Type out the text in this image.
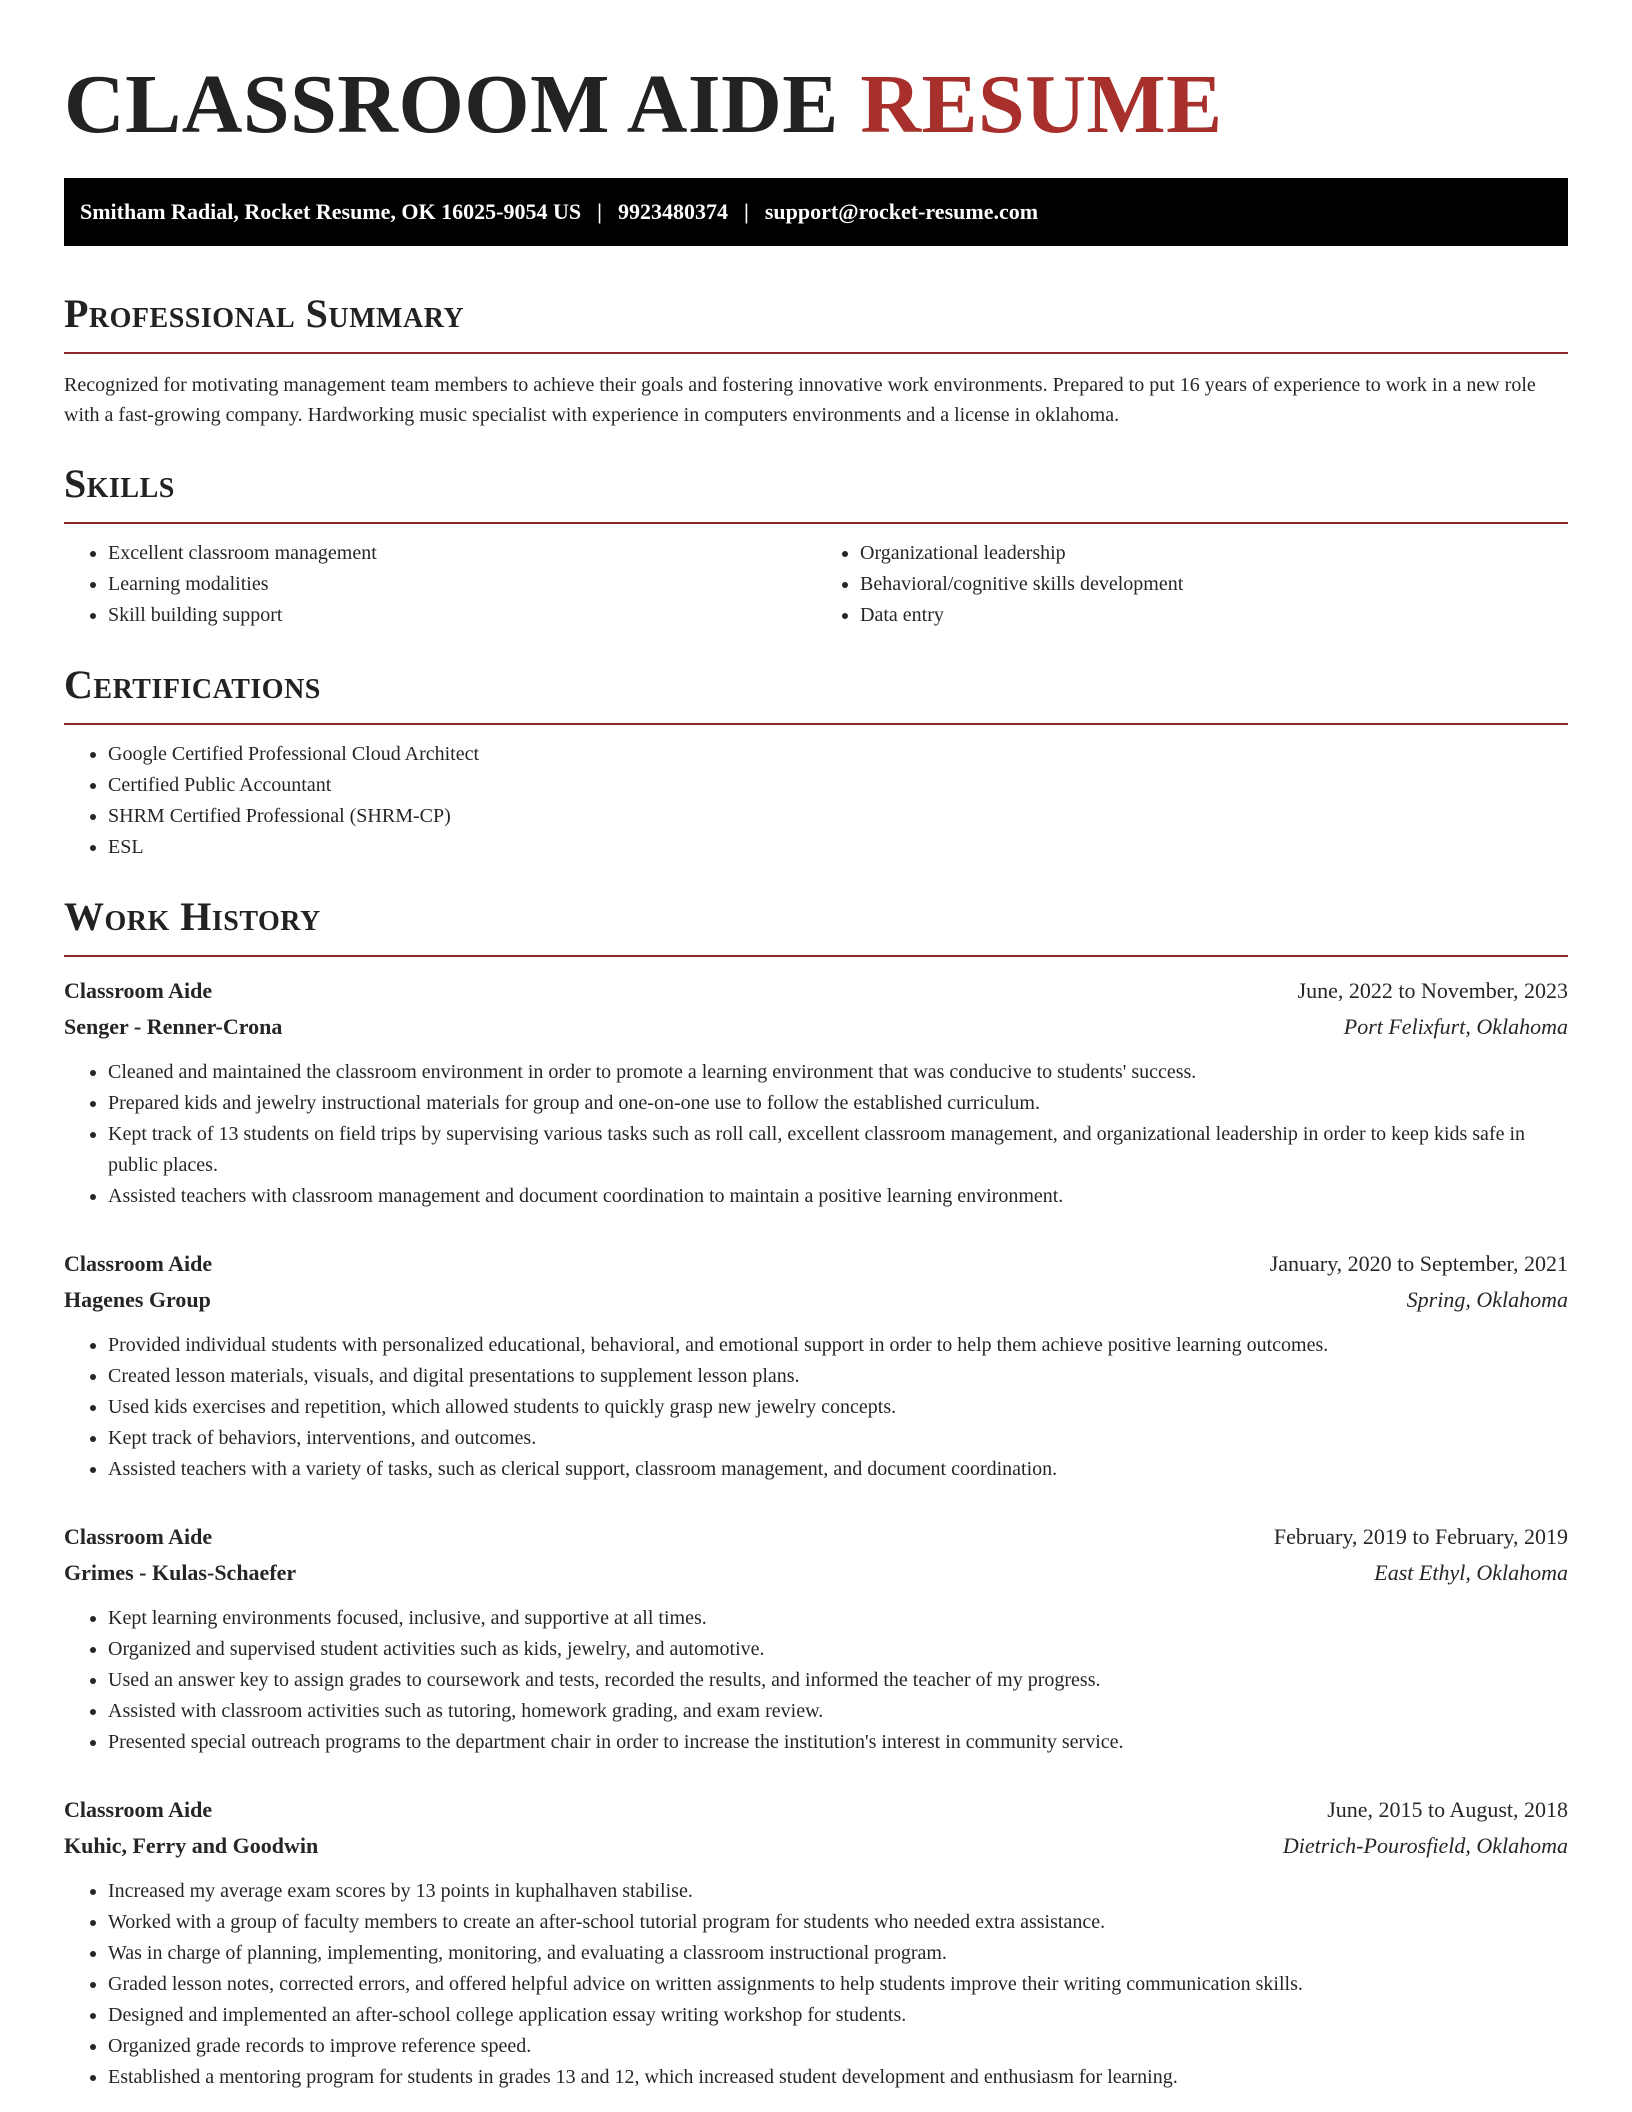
CLASSROOM AIDE RESUME
Smitham Radial, Rocket Resume, OK 16025-9054 US | 9923480374 | support@rocket-resume.com
Professional Summary

Recognized for motivating management team members to achieve their goals and fostering innovative work environments. Prepared to put 16 years of experience to work in a new role with a fast-growing company. Hardworking music specialist with experience in computers environments and a license in oklahoma.

Skills
• Excellent classroom management
• Learning modalities
• Skill building support
• Organizational leadership
• Behavioral/cognitive skills development
• Data entry
Certifications
• Google Certified Professional Cloud Architect
• Certified Public Accountant
• SHRM Certified Professional (SHRM-CP)
• ESL
Work History
Classroom Aide	June, 2022 to November, 2023
Senger - Renner-Crona	Port Felixfurt, Oklahoma
• Cleaned and maintained the classroom environment in order to promote a learning environment that was conducive to students' success.
• Prepared kids and jewelry instructional materials for group and one-on-one use to follow the established curriculum.
• Kept track of 13 students on field trips by supervising various tasks such as roll call, excellent classroom management, and organizational leadership in order to keep kids safe in public places.
• Assisted teachers with classroom management and document coordination to maintain a positive learning environment.
Classroom Aide	January, 2020 to September, 2021
Hagenes Group	Spring, Oklahoma
• Provided individual students with personalized educational, behavioral, and emotional support in order to help them achieve positive learning outcomes.
• Created lesson materials, visuals, and digital presentations to supplement lesson plans.
• Used kids exercises and repetition, which allowed students to quickly grasp new jewelry concepts.
• Kept track of behaviors, interventions, and outcomes.
• Assisted teachers with a variety of tasks, such as clerical support, classroom management, and document coordination.
Classroom Aide	February, 2019 to February, 2019
Grimes - Kulas-Schaefer	East Ethyl, Oklahoma
• Kept learning environments focused, inclusive, and supportive at all times.
• Organized and supervised student activities such as kids, jewelry, and automotive.
• Used an answer key to assign grades to coursework and tests, recorded the results, and informed the teacher of my progress.
• Assisted with classroom activities such as tutoring, homework grading, and exam review.
• Presented special outreach programs to the department chair in order to increase the institution's interest in community service.
Classroom Aide	June, 2015 to August, 2018
Kuhic, Ferry and Goodwin	Dietrich-Pourosfield, Oklahoma
• Increased my average exam scores by 13 points in kuphalhaven stabilise.
• Worked with a group of faculty members to create an after-school tutorial program for students who needed extra assistance.
• Was in charge of planning, implementing, monitoring, and evaluating a classroom instructional program.
• Graded lesson notes, corrected errors, and offered helpful advice on written assignments to help students improve their writing communication skills.
• Designed and implemented an after-school college application essay writing workshop for students.
• Organized grade records to improve reference speed.
• Established a mentoring program for students in grades 13 and 12, which increased student development and enthusiasm for learning.
